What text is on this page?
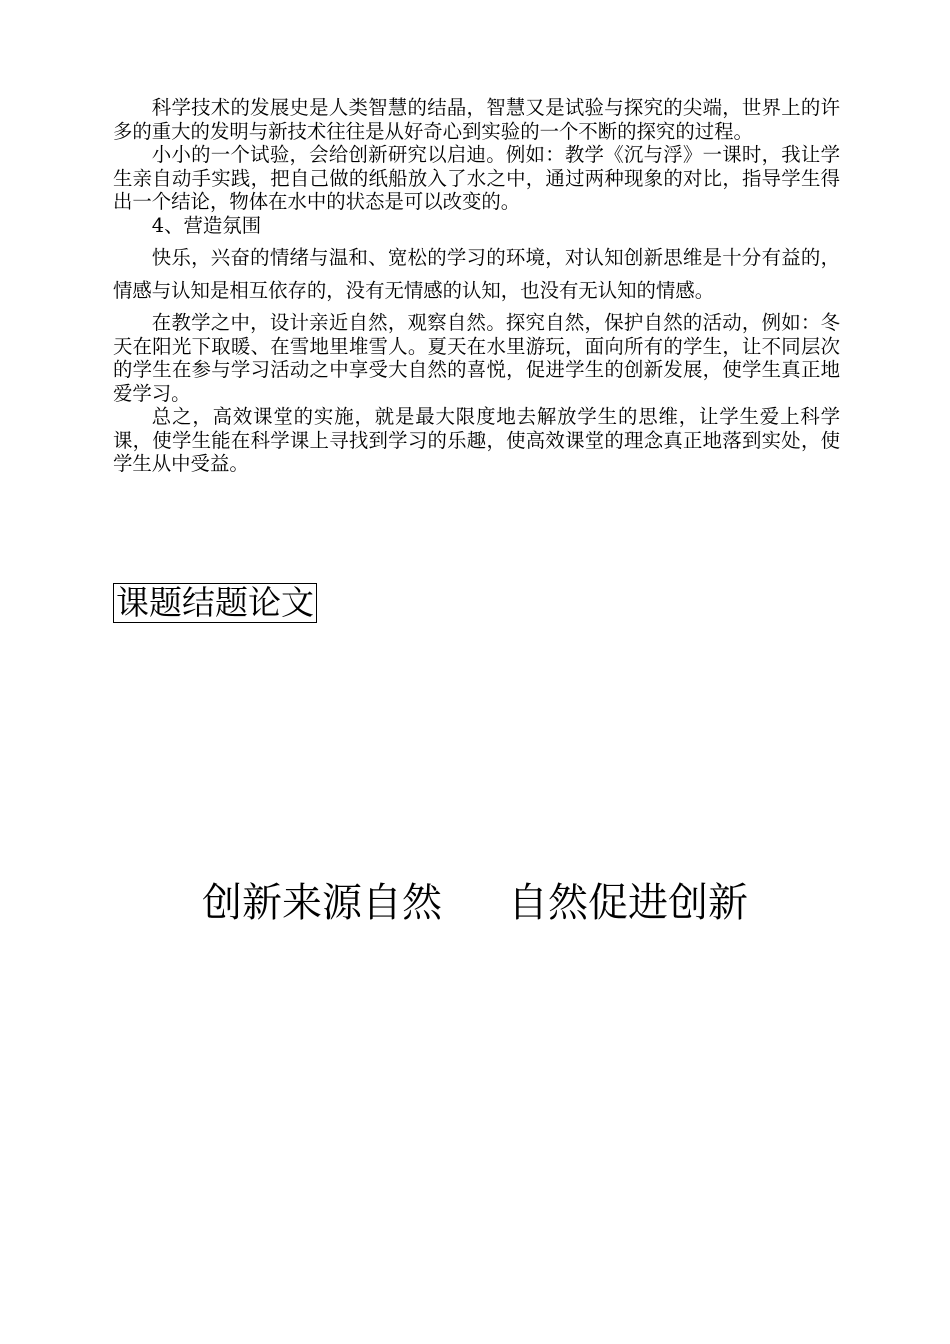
科学技术的发展史是人类智慧的结晶，智慧又是试验与探究的尖端，世界上的许多的重大的发明与新技术往往是从好奇心到实验的一个不断的探究的过程。

小小的一个试验，会给创新研究以启迪。例如：教学《沉与浮》一课时，我让学生亲自动手实践，把自己做的纸船放入了水之中，通过两种现象的对比，指导学生得出一个结论，物体在水中的状态是可以改变的。

4、营造氛围

快乐，兴奋的情绪与温和、宽松的学习的环境，对认知创新思维是十分有益的，情感与认知是相互依存的，没有无情感的认知，也没有无认知的情感。

在教学之中，设计亲近自然，观察自然。探究自然，保护自然的活动，例如：冬天在阳光下取暖、在雪地里堆雪人。夏天在水里游玩，面向所有的学生，让不同层次的学生在参与学习活动之中享受大自然的喜悦，促进学生的创新发展，使学生真正地爱学习。

总之，高效课堂的实施，就是最大限度地去解放学生的思维，让学生爱上科学课，使学生能在科学课上寻找到学习的乐趣，使高效课堂的理念真正地落到实处，使学生从中受益。

课题结题论文
创新来源自然 自然促进创新
